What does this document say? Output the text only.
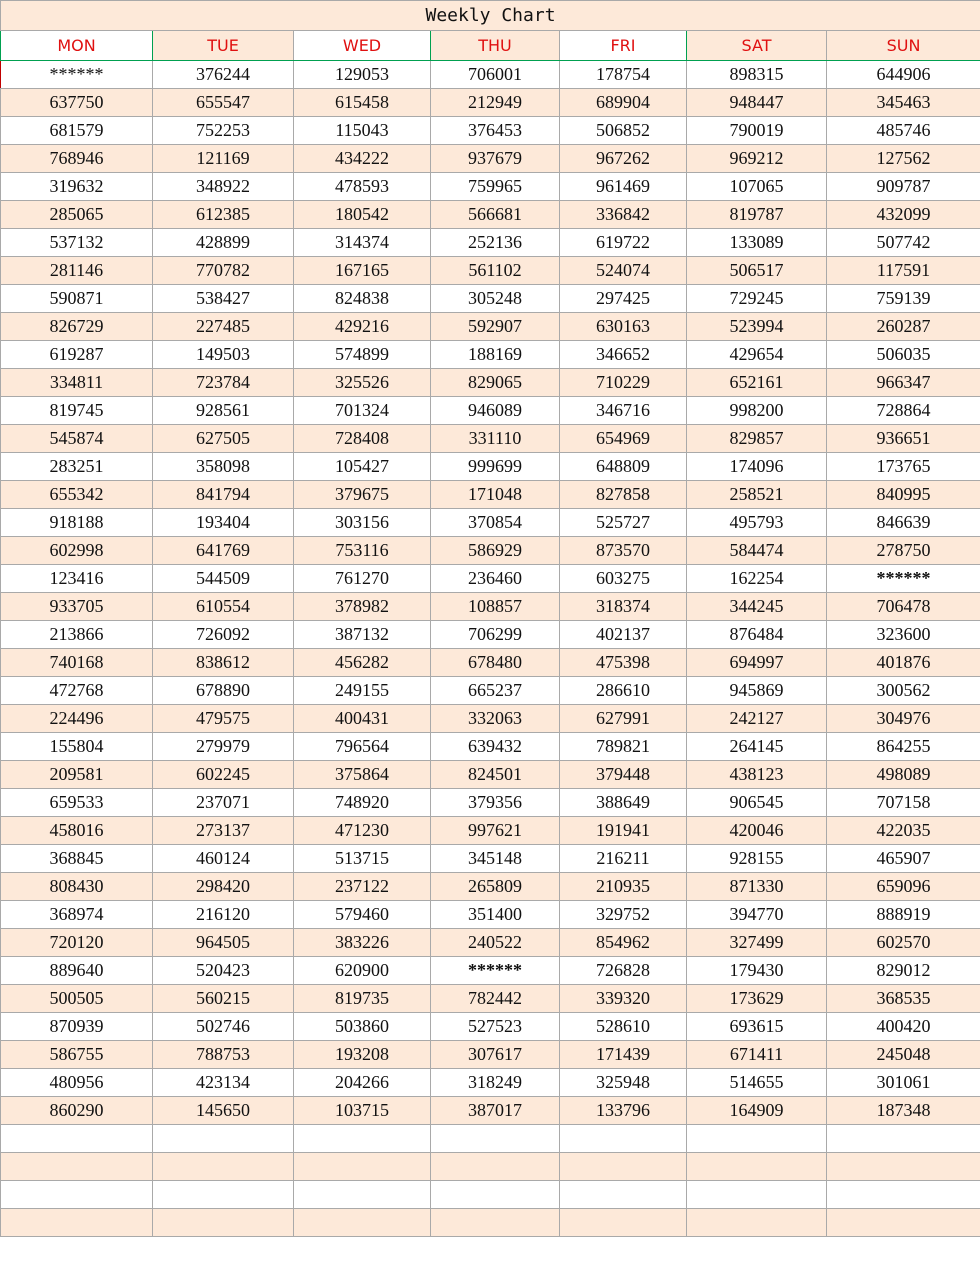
Weekly Chart						
MON	TUE	WED	THU	FRI	SAT	SUN
******	376244	129053	706001	178754	898315	644906
637750	655547	615458	212949	689904	948447	345463
681579	752253	115043	376453	506852	790019	485746
768946	121169	434222	937679	967262	969212	127562
319632	348922	478593	759965	961469	107065	909787
285065	612385	180542	566681	336842	819787	432099
537132	428899	314374	252136	619722	133089	507742
281146	770782	167165	561102	524074	506517	117591
590871	538427	824838	305248	297425	729245	759139
826729	227485	429216	592907	630163	523994	260287
619287	149503	574899	188169	346652	429654	506035
334811	723784	325526	829065	710229	652161	966347
819745	928561	701324	946089	346716	998200	728864
545874	627505	728408	331110	654969	829857	936651
283251	358098	105427	999699	648809	174096	173765
655342	841794	379675	171048	827858	258521	840995
918188	193404	303156	370854	525727	495793	846639
602998	641769	753116	586929	873570	584474	278750
123416	544509	761270	236460	603275	162254	******
933705	610554	378982	108857	318374	344245	706478
213866	726092	387132	706299	402137	876484	323600
740168	838612	456282	678480	475398	694997	401876
472768	678890	249155	665237	286610	945869	300562
224496	479575	400431	332063	627991	242127	304976
155804	279979	796564	639432	789821	264145	864255
209581	602245	375864	824501	379448	438123	498089
659533	237071	748920	379356	388649	906545	707158
458016	273137	471230	997621	191941	420046	422035
368845	460124	513715	345148	216211	928155	465907
808430	298420	237122	265809	210935	871330	659096
368974	216120	579460	351400	329752	394770	888919
720120	964505	383226	240522	854962	327499	602570
889640	520423	620900	******	726828	179430	829012
500505	560215	819735	782442	339320	173629	368535
870939	502746	503860	527523	528610	693615	400420
586755	788753	193208	307617	171439	671411	245048
480956	423134	204266	318249	325948	514655	301061
860290	145650	103715	387017	133796	164909	187348
